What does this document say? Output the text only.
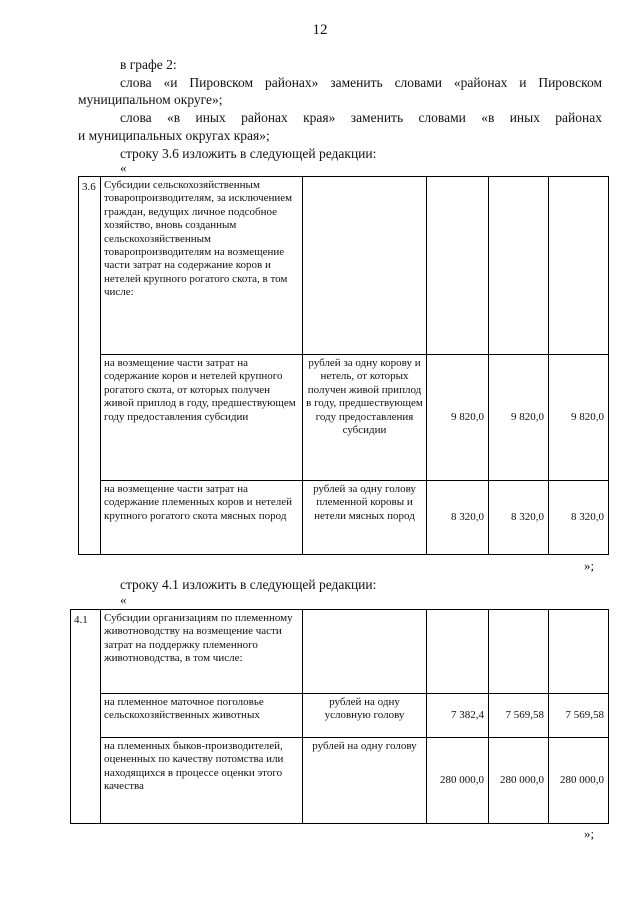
12
в графе 2:
слова «и Пировском районах» заменить словами «районах и Пировском
муниципальном округе»;
слова «в иных районах края» заменить словами «в иных районах
и муниципальных округах края»;
строку 3.6 изложить в следующей редакции:
«
3.6	Субсидии сельскохозяйственным товаропроизводителям, за исключением граждан, ведущих личное подсобное хозяйство, вновь созданным сельскохозяйственным товаропроизводителям на возмещение части затрат на содержание коров и нетелей крупного рогатого скота, в том числе:				
	на возмещение части затрат на содержание коров и нетелей крупного рогатого скота, от которых получен живой приплод в году, предшествующем году предоставления субсидии	рублей за одну корову и нетель, от которых получен живой приплод в году, предшествующем году предоставления субсидии	9 820,0	9 820,0	9 820,0
	на возмещение части затрат на содержание племенных коров и нетелей крупного рогатого скота мясных пород	рублей за одну голову племенной коровы и нетели мясных пород	8 320,0	8 320,0	8 320,0
»;
строку 4.1 изложить в следующей редакции:
«
4.1	Субсидии организациям по племенному животноводству на возмещение части затрат на поддержку племенного животноводства, в том числе:				
	на племенное маточное поголовье сельскохозяйственных животных	рублей на одну условную голову	7 382,4	7 569,58	7 569,58
	на племенных быков-производителей, оцененных по качеству потомства или находящихся в процессе оценки этого качества	рублей на одну голову	280 000,0	280 000,0	280 000,0
»;
